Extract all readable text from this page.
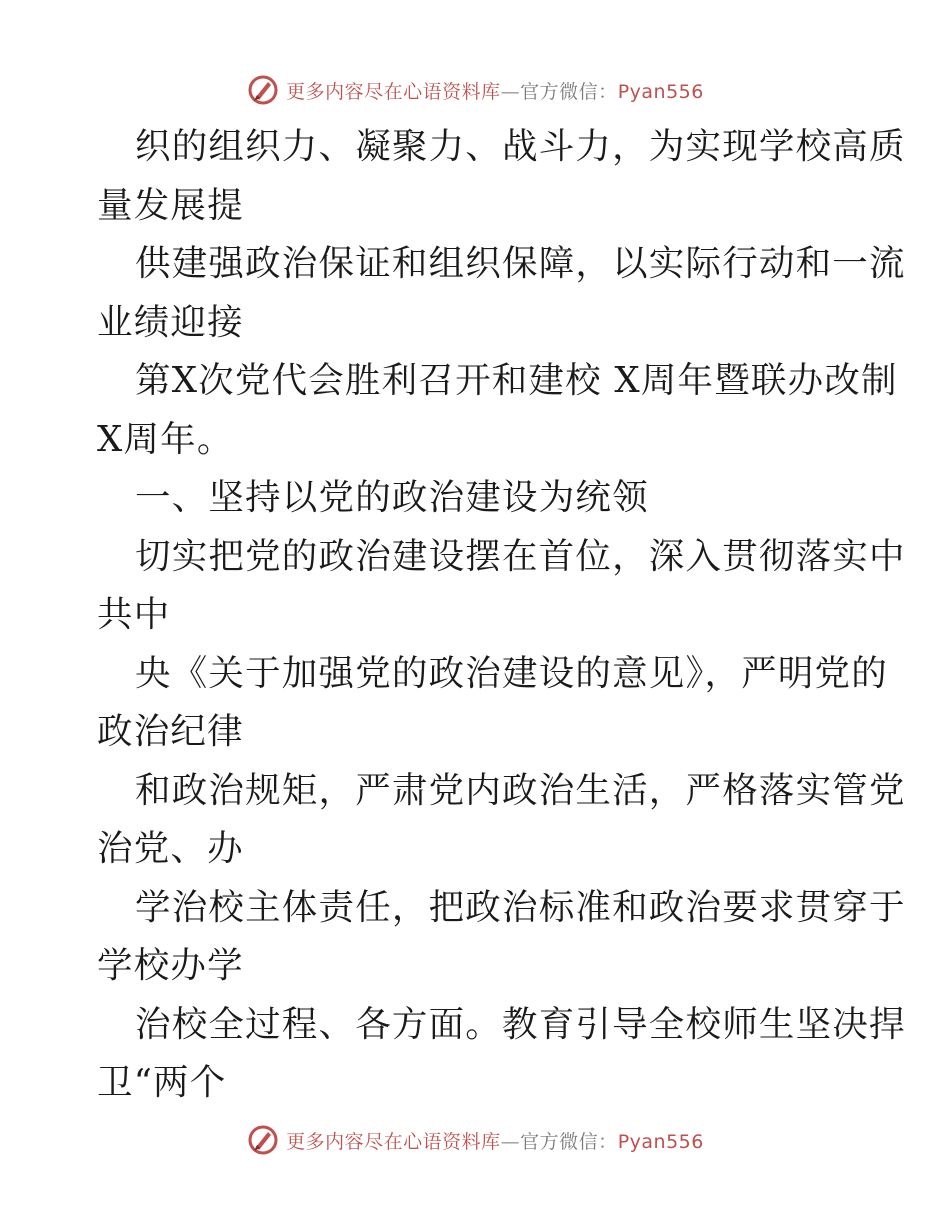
更多内容尽在心语资料库—官方微信：Pyan556
织的组织力、凝聚力、战斗力，为实现学校高质
量发展提
供建强政治保证和组织保障，以实际行动和一流
业绩迎接
第X次党代会胜利召开和建校 X周年暨联办改制
X周年。
一、坚持以党的政治建设为统领
切实把党的政治建设摆在首位，深入贯彻落实中
共中
央《关于加强党的政治建设的意见》，严明党的
政治纪律
和政治规矩，严肃党内政治生活，严格落实管党
治党、办
学治校主体责任，把政治标准和政治要求贯穿于
学校办学
治校全过程、各方面。教育引导全校师生坚决捍
卫“两个
更多内容尽在心语资料库—官方微信：Pyan556
